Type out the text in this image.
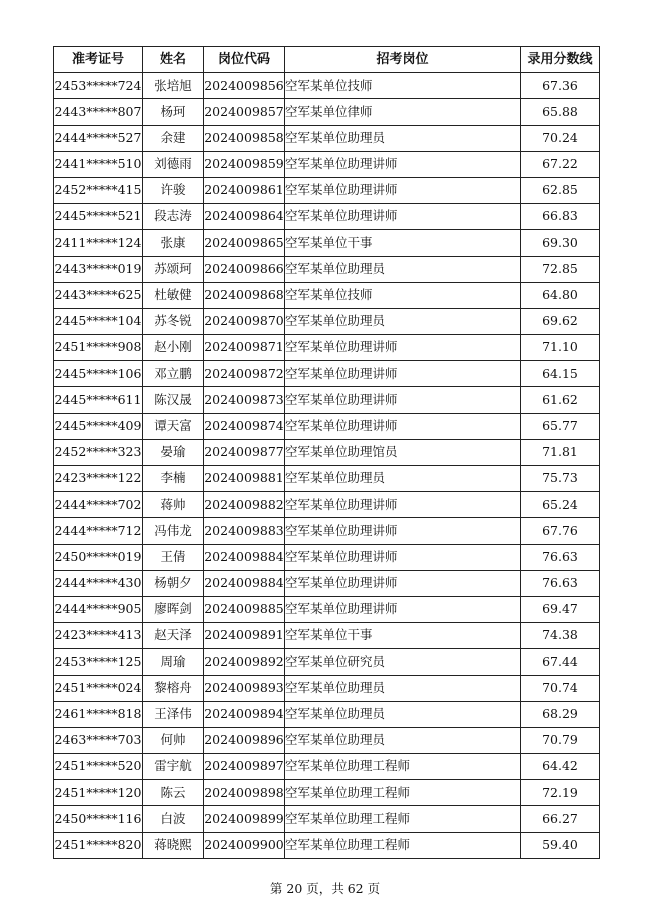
准考证号	姓名	岗位代码	招考岗位	录用分数线
2453*****724	张培旭	2024009856	空军某单位技师	67.36
2443*****807	杨珂	2024009857	空军某单位律师	65.88
2444*****527	余建	2024009858	空军某单位助理员	70.24
2441*****510	刘德雨	2024009859	空军某单位助理讲师	67.22
2452*****415	许骏	2024009861	空军某单位助理讲师	62.85
2445*****521	段志涛	2024009864	空军某单位助理讲师	66.83
2411*****124	张康	2024009865	空军某单位干事	69.30
2443*****019	苏颂珂	2024009866	空军某单位助理员	72.85
2443*****625	杜敏健	2024009868	空军某单位技师	64.80
2445*****104	苏冬锐	2024009870	空军某单位助理员	69.62
2451*****908	赵小刚	2024009871	空军某单位助理讲师	71.10
2445*****106	邓立鹏	2024009872	空军某单位助理讲师	64.15
2445*****611	陈汉晟	2024009873	空军某单位助理讲师	61.62
2445*****409	谭天富	2024009874	空军某单位助理讲师	65.77
2452*****323	晏瑜	2024009877	空军某单位助理馆员	71.81
2423*****122	李楠	2024009881	空军某单位助理员	75.73
2444*****702	蒋帅	2024009882	空军某单位助理讲师	65.24
2444*****712	冯伟龙	2024009883	空军某单位助理讲师	67.76
2450*****019	王倩	2024009884	空军某单位助理讲师	76.63
2444*****430	杨朝夕	2024009884	空军某单位助理讲师	76.63
2444*****905	廖晖剑	2024009885	空军某单位助理讲师	69.47
2423*****413	赵天泽	2024009891	空军某单位干事	74.38
2453*****125	周瑜	2024009892	空军某单位研究员	67.44
2451*****024	黎榕舟	2024009893	空军某单位助理员	70.74
2461*****818	王泽伟	2024009894	空军某单位助理员	68.29
2463*****703	何帅	2024009896	空军某单位助理员	70.79
2451*****520	雷宇航	2024009897	空军某单位助理工程师	64.42
2451*****120	陈云	2024009898	空军某单位助理工程师	72.19
2450*****116	白波	2024009899	空军某单位助理工程师	66.27
2451*****820	蒋晓熙	2024009900	空军某单位助理工程师	59.40
第 20 页，共 62 页
